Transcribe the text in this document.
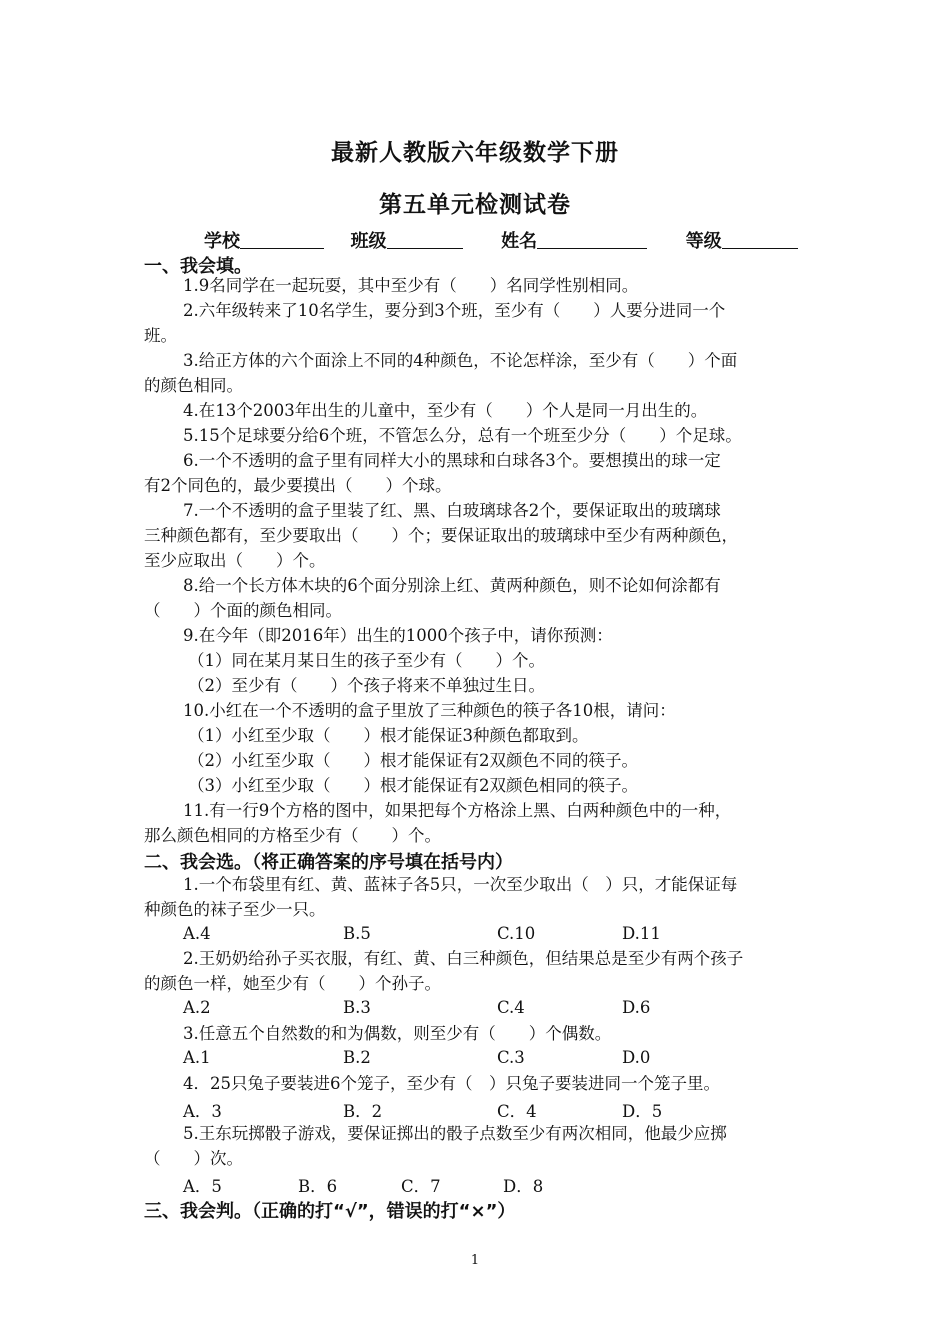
最新人教版六年级数学下册
第五单元检测试卷
学校	班级	姓名	等级
一、我会填。
1.9名同学在一起玩耍，其中至少有（　　）名同学性别相同。
2.六年级转来了10名学生，要分到3个班，至少有（　　）人要分进同一个
班。
3.给正方体的六个面涂上不同的4种颜色，不论怎样涂，至少有（　　）个面
的颜色相同。
4.在13个2003年出生的儿童中，至少有（　　）个人是同一月出生的。
5.15个足球要分给6个班，不管怎么分，总有一个班至少分（　　）个足球。
6.一个不透明的盒子里有同样大小的黑球和白球各3个。要想摸出的球一定
有2个同色的，最少要摸出（　　）个球。
7.一个不透明的盒子里装了红、黑、白玻璃球各2个，要保证取出的玻璃球
三种颜色都有，至少要取出（　　）个；要保证取出的玻璃球中至少有两种颜色，
至少应取出（　　）个。
8.给一个长方体木块的6个面分别涂上红、黄两种颜色，则不论如何涂都有
（　　）个面的颜色相同。
9.在今年（即2016年）出生的1000个孩子中，请你预测：
（1）同在某月某日生的孩子至少有（　　）个。
（2）至少有（　　）个孩子将来不单独过生日。
10.小红在一个不透明的盒子里放了三种颜色的筷子各10根，请问：
（1）小红至少取（　　）根才能保证3种颜色都取到。
（2）小红至少取（　　）根才能保证有2双颜色不同的筷子。
（3）小红至少取（　　）根才能保证有2双颜色相同的筷子。
11.有一行9个方格的图中，如果把每个方格涂上黑、白两种颜色中的一种，
那么颜色相同的方格至少有（　　）个。
二、我会选。（将正确答案的序号填在括号内）
1.一个布袋里有红、黄、蓝袜子各5只，一次至少取出（　）只，才能保证每
种颜色的袜子至少一只。
A.4	B.5	C.10	D.11
2.王奶奶给孙子买衣服，有红、黄、白三种颜色，但结果总是至少有两个孩子
的颜色一样，她至少有（　　）个孙子。
A.2	B.3	C.4	D.6
3.任意五个自然数的和为偶数，则至少有（　　）个偶数。
A.1	B.2	C.3	D.0
4．25只兔子要装进6个笼子，至少有（　）只兔子要装进同一个笼子里。
A．3	B．2	C．4	D．5
5.王东玩掷骰子游戏，要保证掷出的骰子点数至少有两次相同，他最少应掷
（　　）次。
A．5	B．6	C．7	D．8
三、我会判。（正确的打“√”，错误的打“×”）
1
